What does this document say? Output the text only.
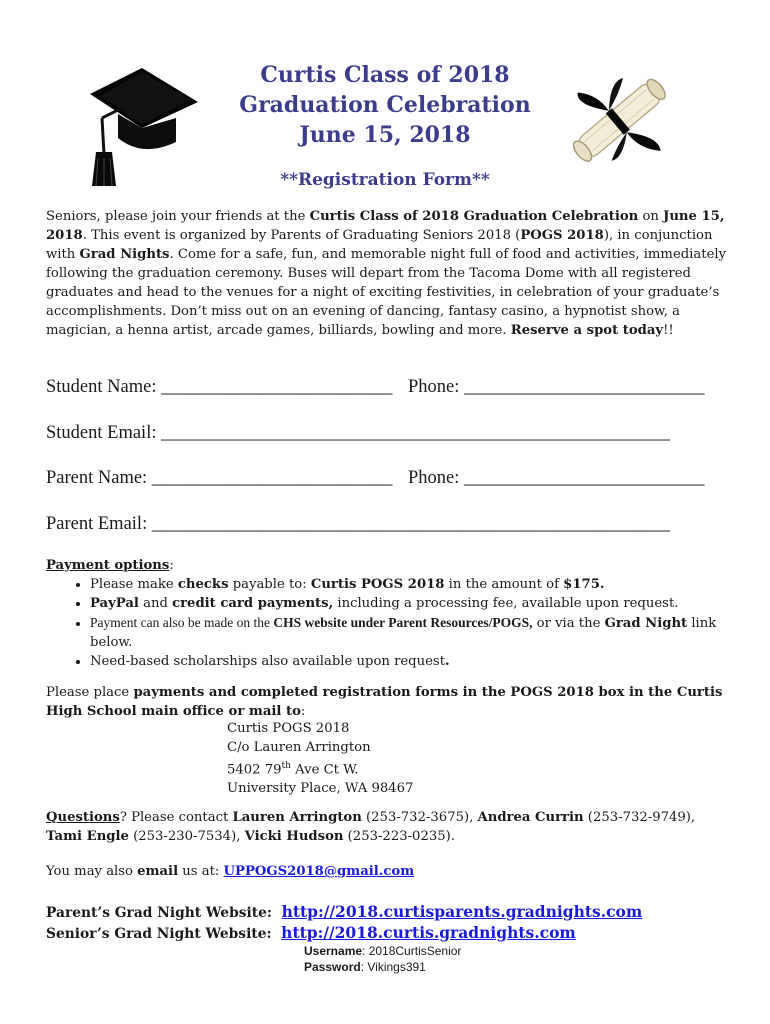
Curtis Class of 2018
Graduation Celebration
June 15, 2018
**Registration Form**
Seniors, please join your friends at the Curtis Class of 2018 Graduation Celebration on June 15, 2018. This event is organized by Parents of Graduating Seniors 2018 (POGS 2018), in conjunction with Grad Nights. Come for a safe, fun, and memorable night full of food and activities, immediately following the graduation ceremony. Buses will depart from the Tacoma Dome with all registered graduates and head to the venues for a night of exciting festivities, in celebration of your graduate’s accomplishments. Don’t miss out on an evening of dancing, fantasy casino, a hypnotist show, a magician, a henna artist, arcade games, billiards, bowling and more. Reserve a spot today!!
Student Name: _________________________ Phone: __________________________
Student Email: _______________________________________________________
Parent Name: __________________________ Phone: __________________________
Parent Email: ________________________________________________________
Payment options:
• Please make checks payable to: Curtis POGS 2018 in the amount of $175.
• PayPal and credit card payments, including a processing fee, available upon request.
• Payment can also be made on the CHS website under Parent Resources/POGS, or via the Grad Night link below.
• Need-based scholarships also available upon request.
Please place payments and completed registration forms in the POGS 2018 box in the Curtis High School main office or mail to:
Curtis POGS 2018
C/o Lauren Arrington
5402 79th Ave Ct W.
University Place, WA 98467
Questions? Please contact Lauren Arrington (253-732-3675), Andrea Currin (253-732-9749),          Tami Engle (253-230-7534), Vicki Hudson (253-223-0235).
You may also email us at: UPPOGS2018@gmail.com
Parent’s Grad Night Website:  http://2018.curtisparents.gradnights.com
Senior’s Grad Night Website:  http://2018.curtis.gradnights.com
Username: 2018CurtisSenior
Password: Vikings391
